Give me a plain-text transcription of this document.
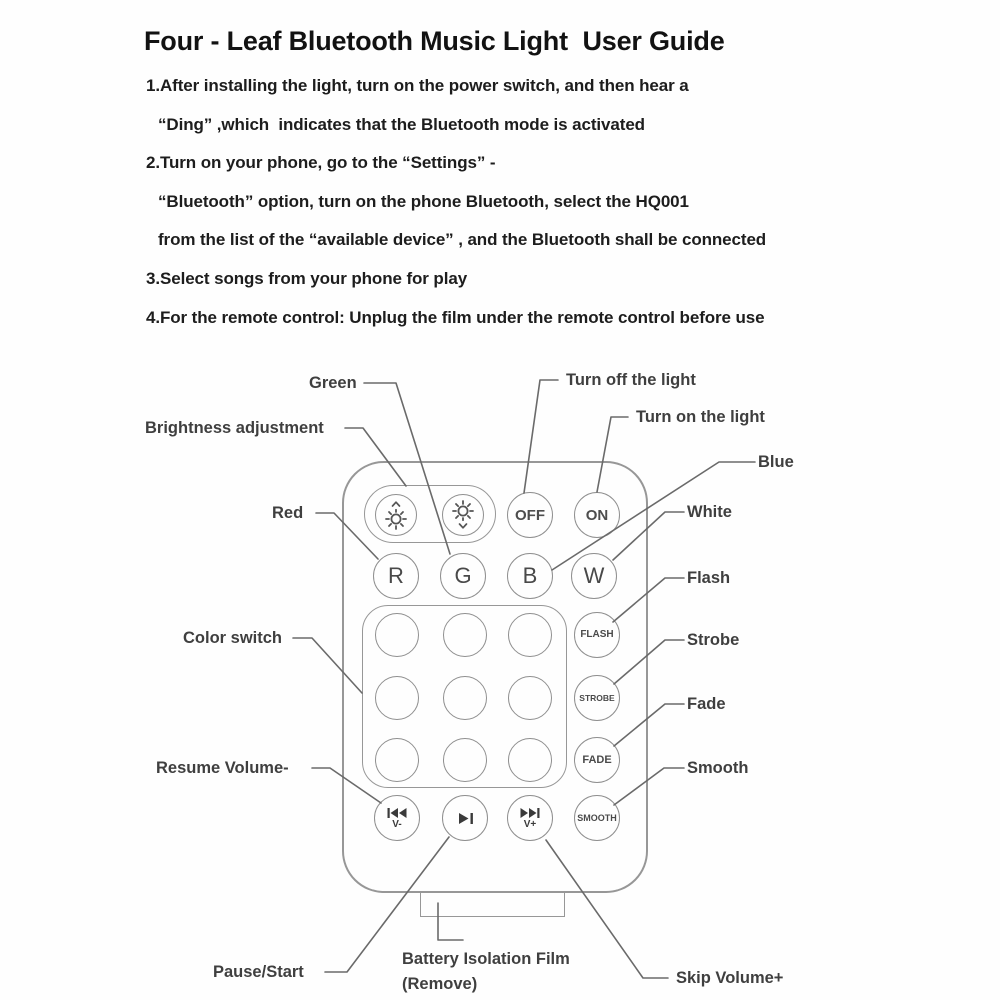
Four - Leaf Bluetooth Music Light  User Guide

1.After installing the light, turn on the power switch, and then hear a

“Ding” ,which  indicates that the Bluetooth mode is activated

2.Turn on your phone, go to the “Settings” -

“Bluetooth” option, turn on the phone Bluetooth, select the HQ001

from the list of the “available device” , and the Bluetooth shall be connected

3.Select songs from your phone for play

4.For the remote control: Unplug the film under the remote control before use

OFF	ON
R G B W
FLASH
STROBE
FADE
SMOOTH
V-	V+
Green
Brightness adjustment
Red
Color switch
Resume Volume-
Pause/Start
Turn off the light
Turn on the light
Blue
White
Flash
Strobe
Fade
Smooth
Skip Volume+
Battery Isolation Film
(Remove)
